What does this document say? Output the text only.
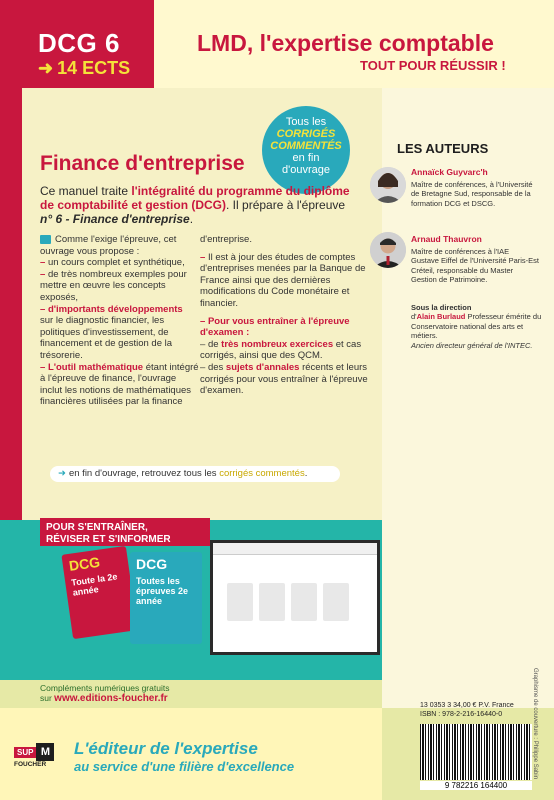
DCG 6
➜ 14 ECTS
LMD, l'expertise comptable
TOUT POUR RÉUSSIR !
Tous les
CORRIGÉS
COMMENTÉS
en fin
d'ouvrage
Finance d'entreprise
Ce manuel traite l'intégralité du programme du diplôme de comptabilité et gestion (DCG). Il prépare à l'épreuve n° 6 - Finance d'entreprise.
Comme l'exige l'épreuve, cet ouvrage vous propose :
– un cours complet et synthétique,
– de très nombreux exemples pour mettre en œuvre les concepts exposés,
– d'importants développements
sur le diagnostic financier, les politiques d'investissement, de financement et de gestion de la trésorerie.
– L'outil mathématique étant intégré à l'épreuve de finance, l'ouvrage inclut les notions de mathématiques financières utilisées par la finance
d'entreprise.
– Il est à jour des études de comptes d'entreprises menées par la Banque de France ainsi que des dernières modifications du Code monétaire et financier.
– Pour vous entraîner à l'épreuve d'examen :
– de très nombreux exercices et cas corrigés, ainsi que des QCM.
– des sujets d'annales récents et leurs corrigés pour vous entraîner à l'épreuve d'examen.
➜ en fin d'ouvrage, retrouvez tous les corrigés commentés.
LES AUTEURS
Annaïck Guyvarc'h
Maître de conférences, à l'Université de Bretagne Sud, responsable de la formation DCG et DSCG.
Arnaud Thauvron
Maître de conférences à l'IAE Gustave Eiffel de l'Université Paris-Est Créteil, responsable du Master Gestion de Patrimoine.
Sous la direction
d'Alain Burlaud Professeur émérite du Conservatoire national des arts et métiers.
Ancien directeur général de l'INTEC.
POUR S'ENTRAÎNER,
RÉVISER ET S'INFORMER
DCG
Toute la 2e année
DCG
Toutes les épreuves 2e année
Compléments numériques gratuits
sur www.editions-foucher.fr
SUP M
FOUCHER
L'éditeur de l'expertise
au service d'une filière d'excellence
13 0353 3 34,00 € P.V. France
ISBN : 978-2-216-16440-0
9 782216 164400
Graphisme de couverture : Philippe Sabin
